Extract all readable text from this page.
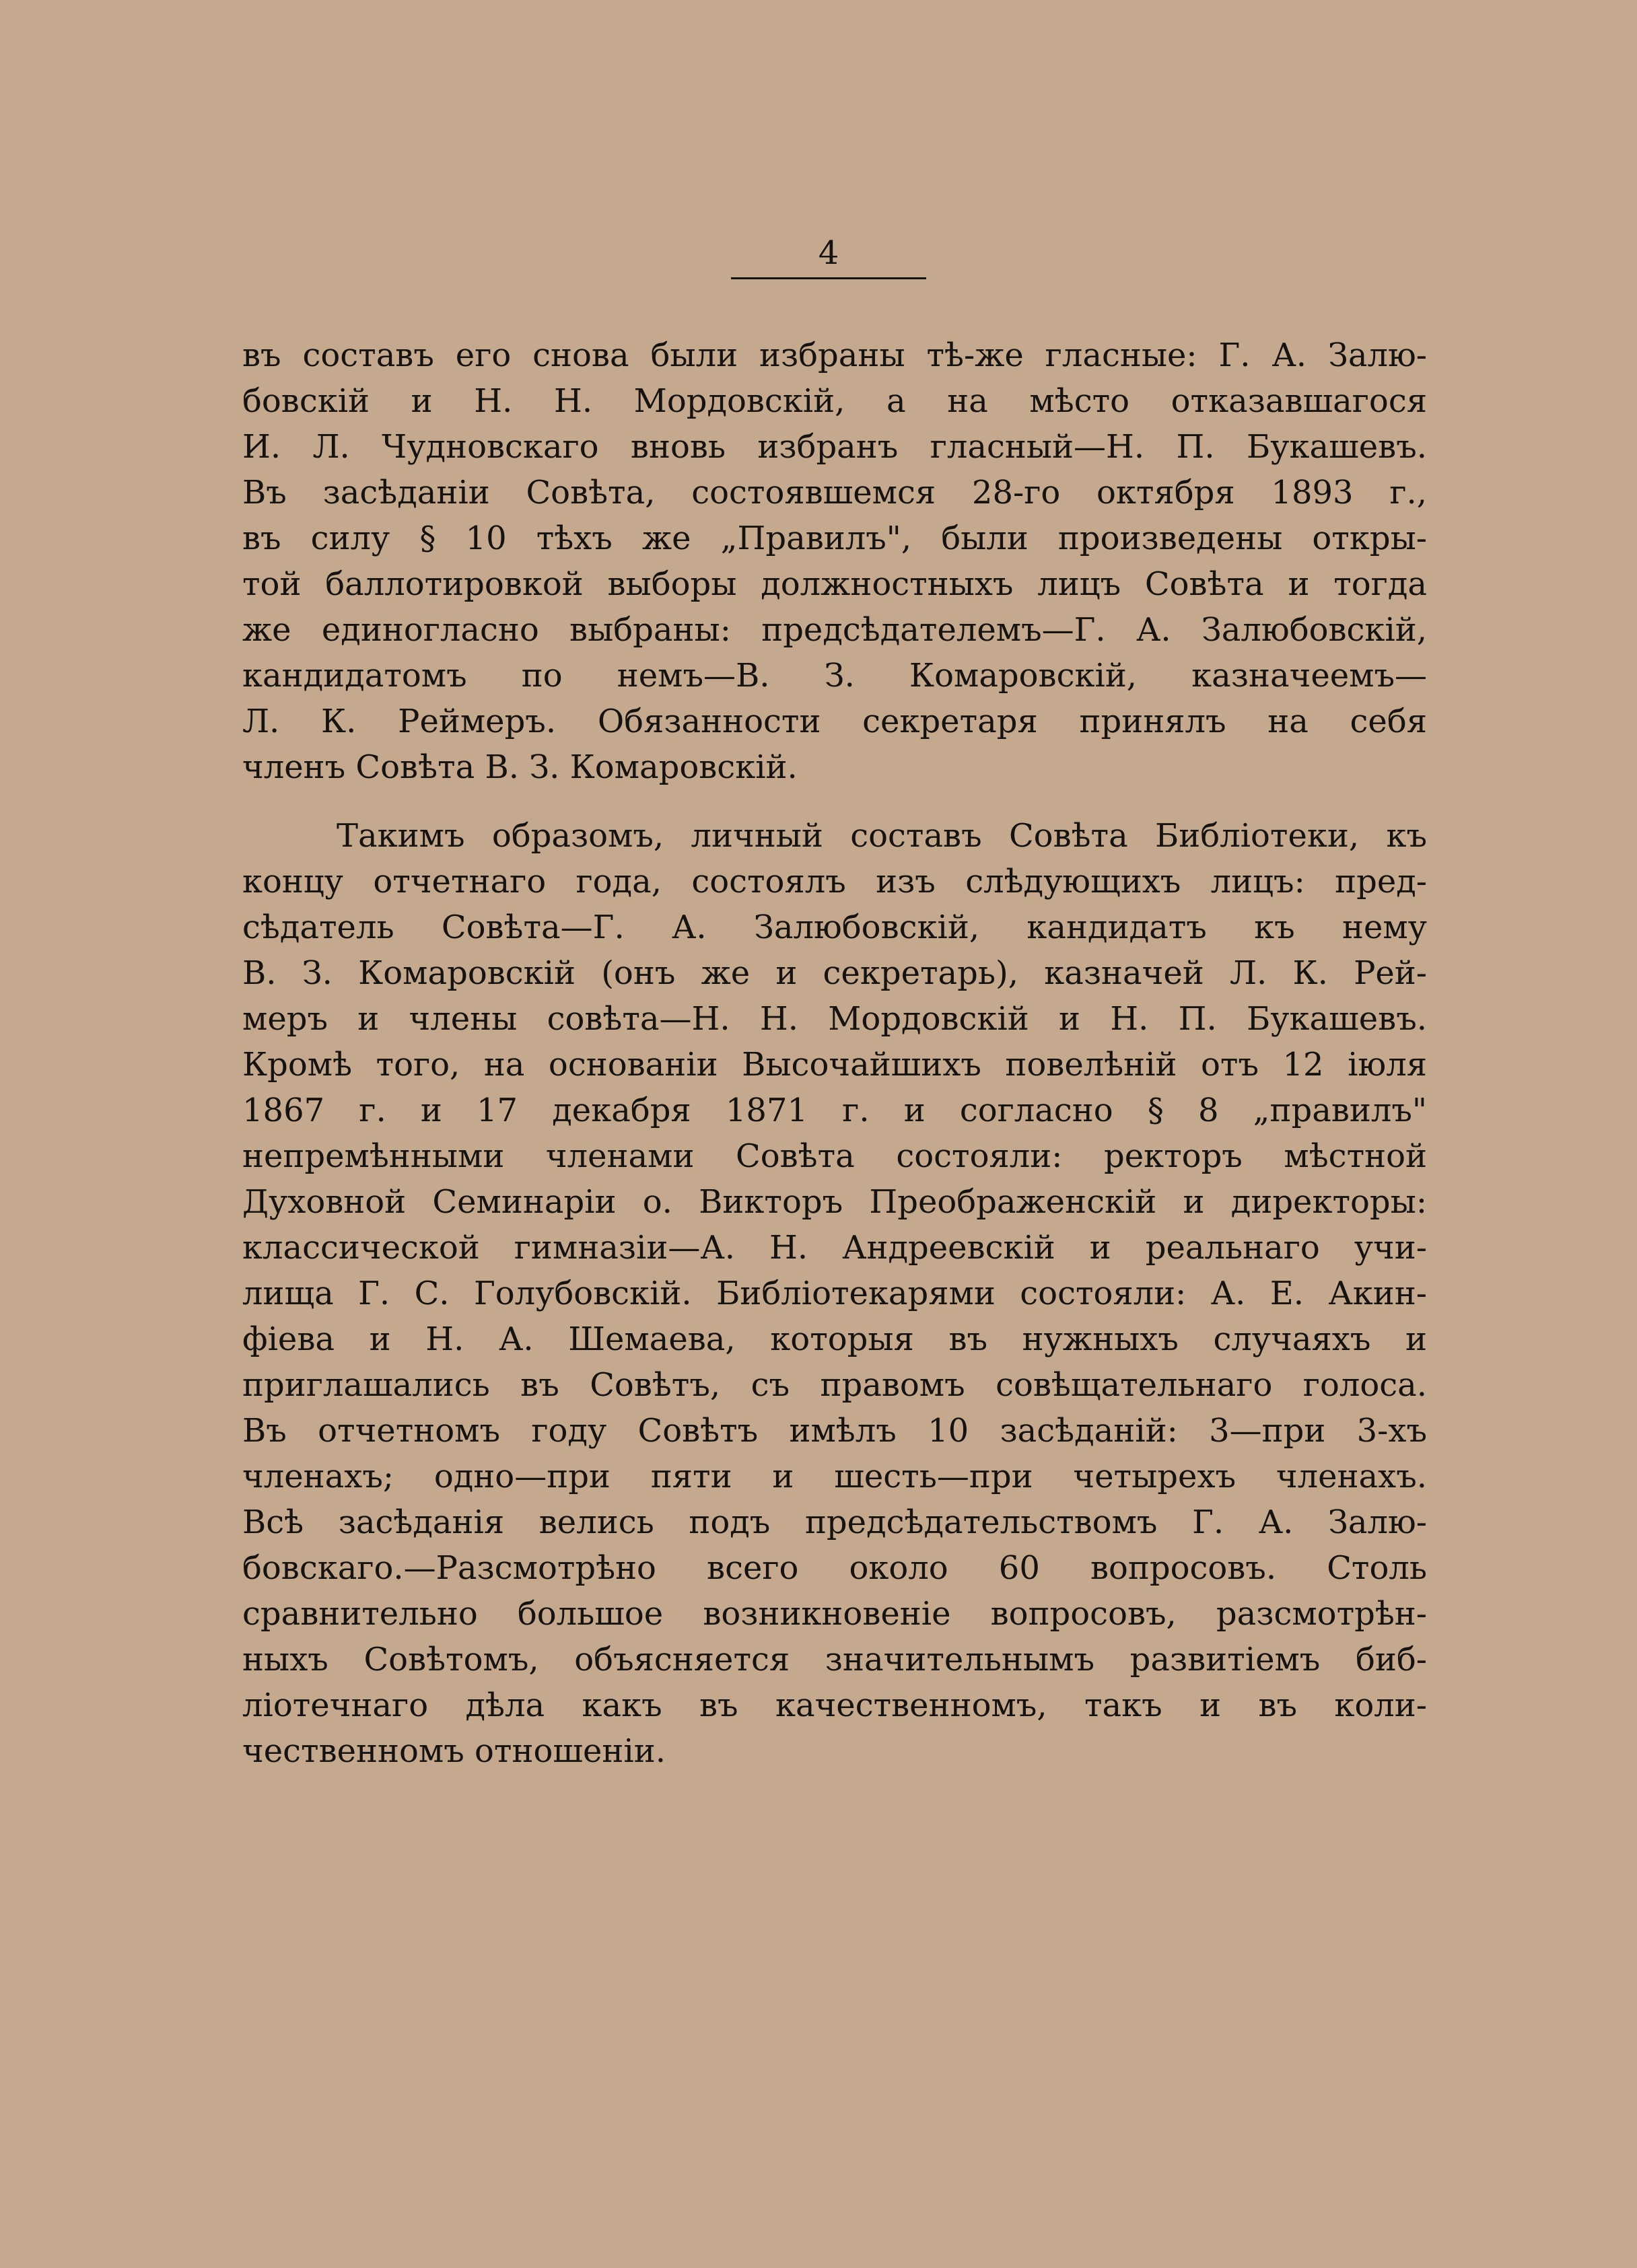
4
въ составъ его снова были избраны тѣ-же гласные: Г. А. Залю-
бовскій и Н. Н. Мордовскій, а на мѣсто отказавшагося
И. Л. Чудновскаго вновь избранъ гласный—Н. П. Букашевъ.
Въ засѣданіи Совѣта, состоявшемся 28-го октября 1893 г.,
въ силу § 10 тѣхъ же „Правилъ", были произведены откры-
той баллотировкой выборы должностныхъ лицъ Совѣта и тогда
же единогласно выбраны: предсѣдателемъ—Г. А. Залюбовскій,
кандидатомъ по немъ—В. З. Комаровскій, казначеемъ—
Л. К. Реймеръ. Обязанности секретаря принялъ на себя
членъ Совѣта В. З. Комаровскій.
Такимъ образомъ, личный составъ Совѣта Библіотеки, къ
концу отчетнаго года, состоялъ изъ слѣдующихъ лицъ: пред-
сѣдатель Совѣта—Г. А. Залюбовскій, кандидатъ къ нему
В. З. Комаровскій (онъ же и секретарь), казначей Л. К. Рей-
меръ и члены совѣта—Н. Н. Мордовскій и Н. П. Букашевъ.
Кромѣ того, на основаніи Высочайшихъ повелѣній отъ 12 іюля
1867 г. и 17 декабря 1871 г. и согласно § 8 „правилъ"
непремѣнными членами Совѣта состояли: ректоръ мѣстной
Духовной Семинаріи о. Викторъ Преображенскій и директоры:
классической гимназіи—А. Н. Андреевскій и реальнаго учи-
лища Г. С. Голубовскій. Библіотекарями состояли: А. Е. Акин-
фіева и Н. А. Шемаева, которыя въ нужныхъ случаяхъ и
приглашались въ Совѣтъ, съ правомъ совѣщательнаго голоса.
Въ отчетномъ году Совѣтъ имѣлъ 10 засѣданій: 3—при 3-хъ
членахъ; одно—при пяти и шесть—при четырехъ членахъ.
Всѣ засѣданія велись подъ предсѣдательствомъ Г. А. Залю-
бовскаго.—Разсмотрѣно всего около 60 вопросовъ. Столь
сравнительно большое возникновеніе вопросовъ, разсмотрѣн-
ныхъ Совѣтомъ, объясняется значительнымъ развитіемъ биб-
ліотечнаго дѣла какъ въ качественномъ, такъ и въ коли-
чественномъ отношеніи.
